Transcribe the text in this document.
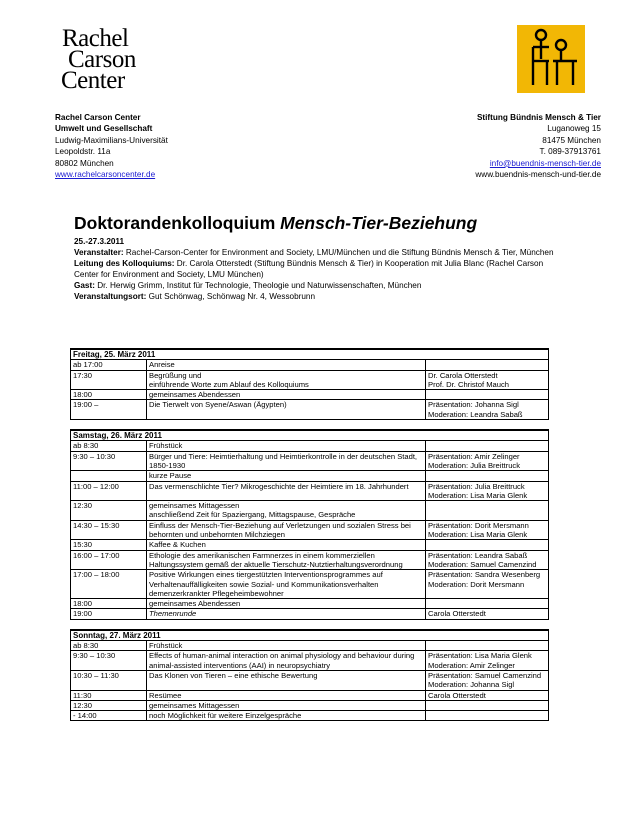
Rachel
Carson
Center
Rachel Carson Center
Umwelt und Gesellschaft
Ludwig-Maximilians-Universität
Leopoldstr. 11a
80802 München
www.rachelcarsoncenter.de
Stiftung Bündnis Mensch & Tier
Luganoweg 15
81475 München
T. 089-37913761
info@buendnis-mensch-tier.de
www.buendnis-mensch-und-tier.de
Doktorandenkolloquium Mensch-Tier-Beziehung
25.-27.3.2011
Veranstalter: Rachel-Carson-Center for Environment and Society, LMU/München und die Stiftung Bündnis Mensch & Tier, München
Leitung des Kolloquiums: Dr. Carola Otterstedt (Stiftung Bündnis Mensch & Tier) in Kooperation mit Julia Blanc (Rachel Carson Center for Environment and Society, LMU München)
Gast: Dr. Herwig Grimm, Institut für Technologie, Theologie und Naturwissenschaften, München
Veranstaltungsort: Gut Schönwag, Schönwag Nr. 4, Wessobrunn
Freitag, 25. März 2011		
ab 17:00	Anreise	
17:30	Begrüßung und
einführende Worte zum Ablauf des Kolloquiums	Dr. Carola Otterstedt
Prof. Dr. Christof Mauch
18:00	gemeinsames Abendessen	
19:00 –	Die Tierwelt von Syene/Aswan (Ägypten)	Präsentation: Johanna Sigl
Moderation: Leandra Sabaß

Samstag, 26. März 2011		
ab 8:30	Frühstück	
9:30 – 10:30	Bürger und Tiere: Heimtierhaltung und Heimtierkontrolle in der deutschen Stadt, 1850-1930	Präsentation: Amir Zelinger
Moderation: Julia Breittruck
	kurze Pause	
11:00 – 12:00	Das vermenschlichte Tier? Mikrogeschichte der Heimtiere im 18. Jahrhundert	Präsentation: Julia Breittruck
Moderation: Lisa Maria Glenk
12:30	gemeinsames Mittagessen
anschließend Zeit für Spaziergang, Mittagspause, Gespräche	
14:30 – 15:30	Einfluss der Mensch-Tier-Beziehung auf Verletzungen und sozialen Stress bei behornten und unbehornten Milchziegen	Präsentation: Dorit Mersmann
Moderation: Lisa Maria Glenk
15:30	Kaffee & Kuchen	
16:00 – 17:00	Ethologie des amerikanischen Farmnerzes in einem kommerziellen Haltungssystem gemäß der aktuelle Tierschutz-Nutztierhaltungsverordnung	Präsentation: Leandra Sabaß
Moderation: Samuel Camenzind
17:00 – 18:00	Positive Wirkungen eines tiergestützten Interventionsprogrammes auf Verhaltenauffälligkeiten sowie Sozial- und Kommunikationsverhalten demenzerkrankter Pflegeheimbewohner	Präsentation: Sandra Wesenberg
Moderation: Dorit Mersmann
18:00	gemeinsames Abendessen	
19:00	Themenrunde	Carola Otterstedt

Sonntag, 27. März 2011		
ab 8:30	Frühstück	
9:30 – 10:30	Effects of human-animal interaction on animal physiology and behaviour during animal-assisted interventions (AAI) in neuropsychiatry	Präsentation: Lisa Maria Glenk
Moderation: Amir Zelinger
10:30 – 11:30	Das Klonen von Tieren – eine ethische Bewertung	Präsentation: Samuel Camenzind
Moderation: Johanna Sigl
11:30	Resümee	Carola Otterstedt
12:30	gemeinsames Mittagessen	
- 14:00	noch Möglichkeit für weitere Einzelgespräche	
